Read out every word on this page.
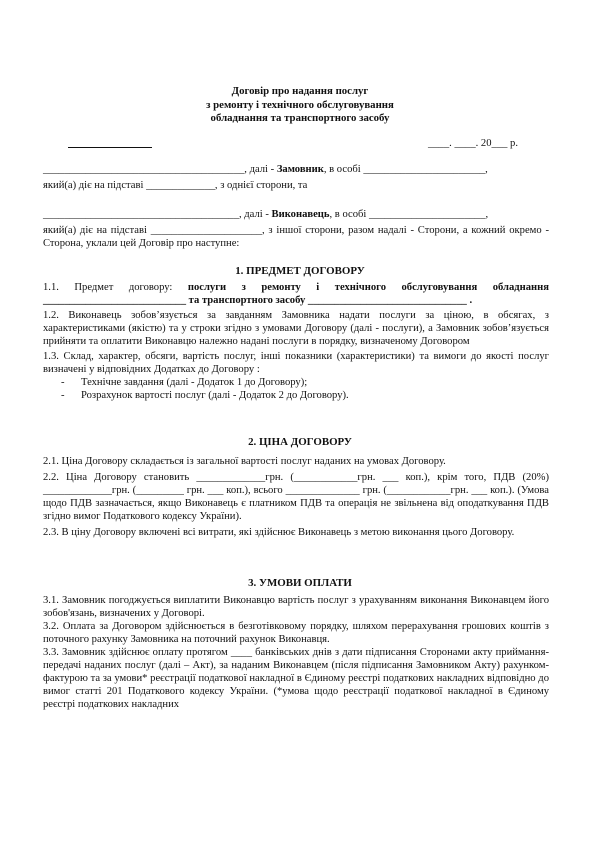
Договір про надання послуг
з ремонту і технічного обслуговування
обладнання та транспортного засобу
____. ____. 20___ р.

______________________________________, далі - Замовник, в особі _______________________,

який(а) діє на підставі _____________, з однієї сторони, та

_____________________________________, далі - Виконавець, в особі ______________________,

який(а) діє на підставі _____________________, з іншої сторони, разом надалі - Сторони, а кожний окремо - Сторона, уклали цей Договір про наступне:

1. ПРЕДМЕТ ДОГОВОРУ

1.1. Предмет договору: послуги з ремонту і технічного обслуговування обладнання ___________________________ та транспортного засобу ______________________________ .

1.2. Виконавець зобов’язується за завданням Замовника надати послуги за ціною, в обсягах, з характеристиками (якістю) та у строки згідно з умовами Договору (далі - послуги), а Замовник зобов’язується прийняти та оплатити Виконавцю належно надані послуги в порядку, визначеному Договором

1.3. Склад, характер, обсяги, вартість послуг, інші показники (характеристики) та вимоги до якості послуг визначені у відповідних Додатках до Договору :

- Технічне завдання (далі - Додаток 1 до Договору);

- Розрахунок вартості послуг (далі - Додаток 2 до Договору).

2. ЦІНА ДОГОВОРУ

2.1. Ціна Договору складається із загальної вартості послуг наданих на умовах Договору.

2.2. Ціна Договору становить _____________грн. (____________грн. ___ коп.), крім того, ПДВ (20%) _____________грн. (_________ грн. ___ коп.), всього ______________ грн. (____________грн. ___ коп.). (Умова щодо ПДВ зазначається, якщо Виконавець є платником ПДВ та операція не звільнена від оподаткування ПДВ згідно вимог Податкового кодексу України).

2.3. В ціну Договору включені всі витрати, які здійснює Виконавець з метою виконання цього Договору.

3. УМОВИ ОПЛАТИ

3.1. Замовник погоджується виплатити Виконавцю вартість послуг з урахуванням виконання Виконавцем його зобов'язань, визначених у Договорі.

3.2. Оплата за Договором здійснюється в безготівковому порядку, шляхом перерахування грошових коштів з поточного рахунку Замовника на поточний рахунок Виконавця.

3.3. Замовник здійснює оплату протягом ____ банківських днів з дати підписання Сторонами акту приймання-передачі наданих послуг (далі – Акт), за наданим Виконавцем (після підписання Замовником Акту) рахунком-фактурою та за умови* реєстрації податкової накладної в Єдиному реєстрі податкових накладних відповідно до вимог статті 201 Податкового кодексу України. (*умова щодо реєстрації податкової накладної в Єдиному реєстрі податкових накладних
